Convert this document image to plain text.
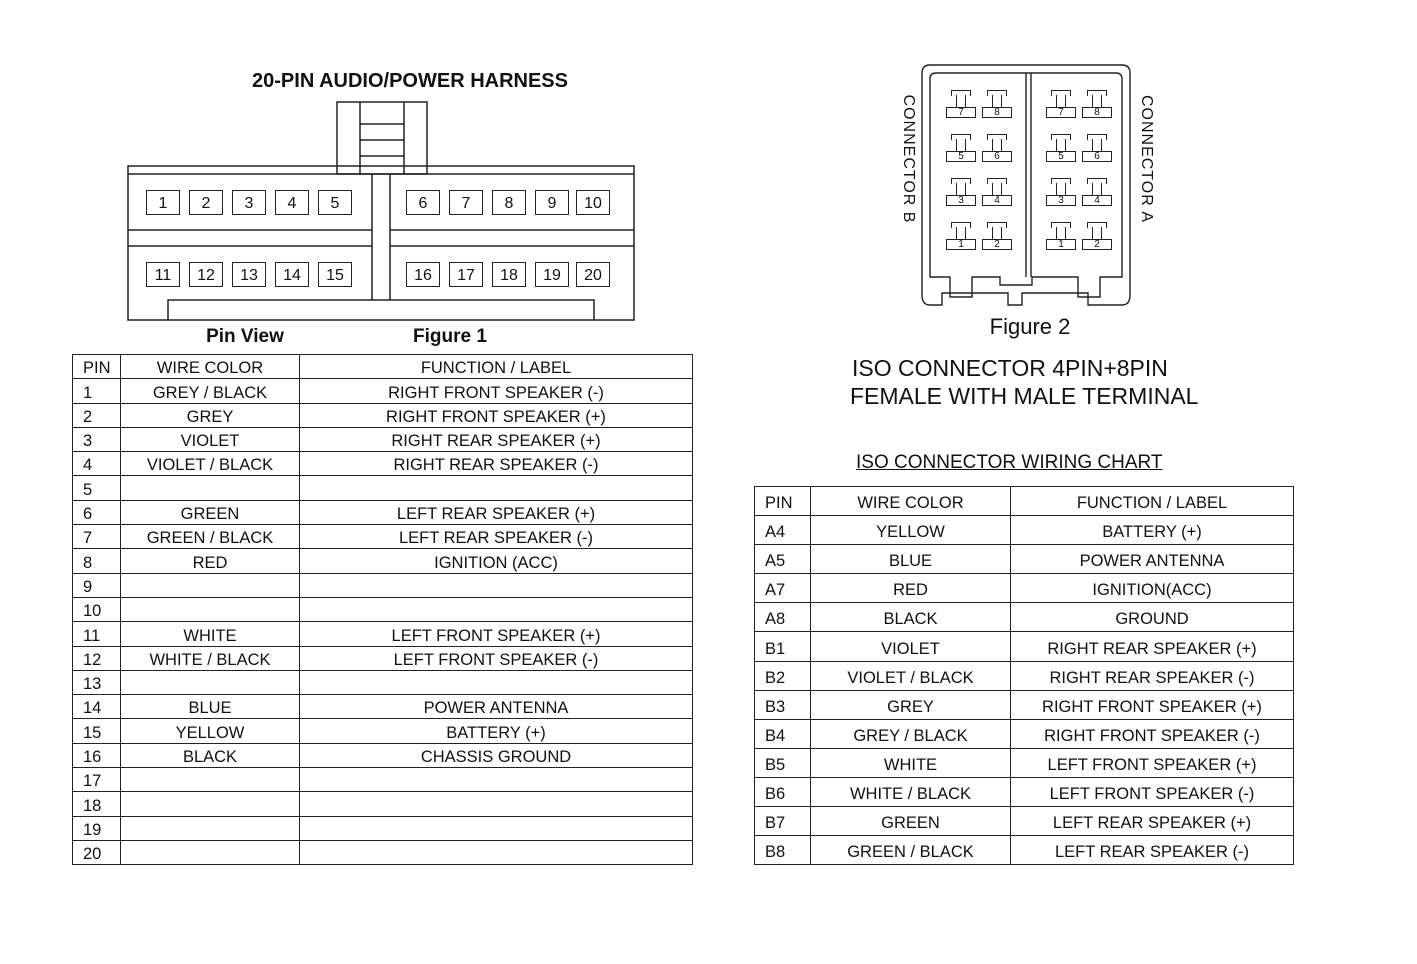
20-PIN AUDIO/POWER HARNESS
1	2	3	4	5	6	7	8	9	10
11	12	13	14	15	16	17	18	19	20
Pin View	Figure 1
PIN	WIRE COLOR	FUNCTION / LABEL
1	GREY / BLACK	RIGHT FRONT SPEAKER (-)
2	GREY	RIGHT FRONT SPEAKER (+)
3	VIOLET	RIGHT REAR SPEAKER (+)
4	VIOLET / BLACK	RIGHT REAR SPEAKER (-)
5		
6	GREEN	LEFT REAR SPEAKER (+)
7	GREEN / BLACK	LEFT REAR SPEAKER (-)
8	RED	IGNITION (ACC)
9		
10		
11	WHITE	LEFT FRONT SPEAKER (+)
12	WHITE / BLACK	LEFT FRONT SPEAKER (-)
13		
14	BLUE	POWER ANTENNA
15	YELLOW	BATTERY (+)
16	BLACK	CHASSIS GROUND
17		
18		
19		
20		
7	8
5	6
3	4
1	2
7	8
5	6
3	4
1	2
CONNECTOR B	CONNECTOR A
Figure 2
ISO CONNECTOR 4PIN+8PIN
FEMALE WITH MALE TERMINAL
ISO CONNECTOR WIRING CHART
PIN	WIRE COLOR	FUNCTION / LABEL
A4	YELLOW	BATTERY (+)
A5	BLUE	POWER ANTENNA
A7	RED	IGNITION(ACC)
A8	BLACK	GROUND
B1	VIOLET	RIGHT REAR SPEAKER (+)
B2	VIOLET / BLACK	RIGHT REAR SPEAKER (-)
B3	GREY	RIGHT FRONT SPEAKER (+)
B4	GREY / BLACK	RIGHT FRONT SPEAKER (-)
B5	WHITE	LEFT FRONT SPEAKER (+)
B6	WHITE / BLACK	LEFT FRONT SPEAKER (-)
B7	GREEN	LEFT REAR SPEAKER (+)
B8	GREEN / BLACK	LEFT REAR SPEAKER (-)
